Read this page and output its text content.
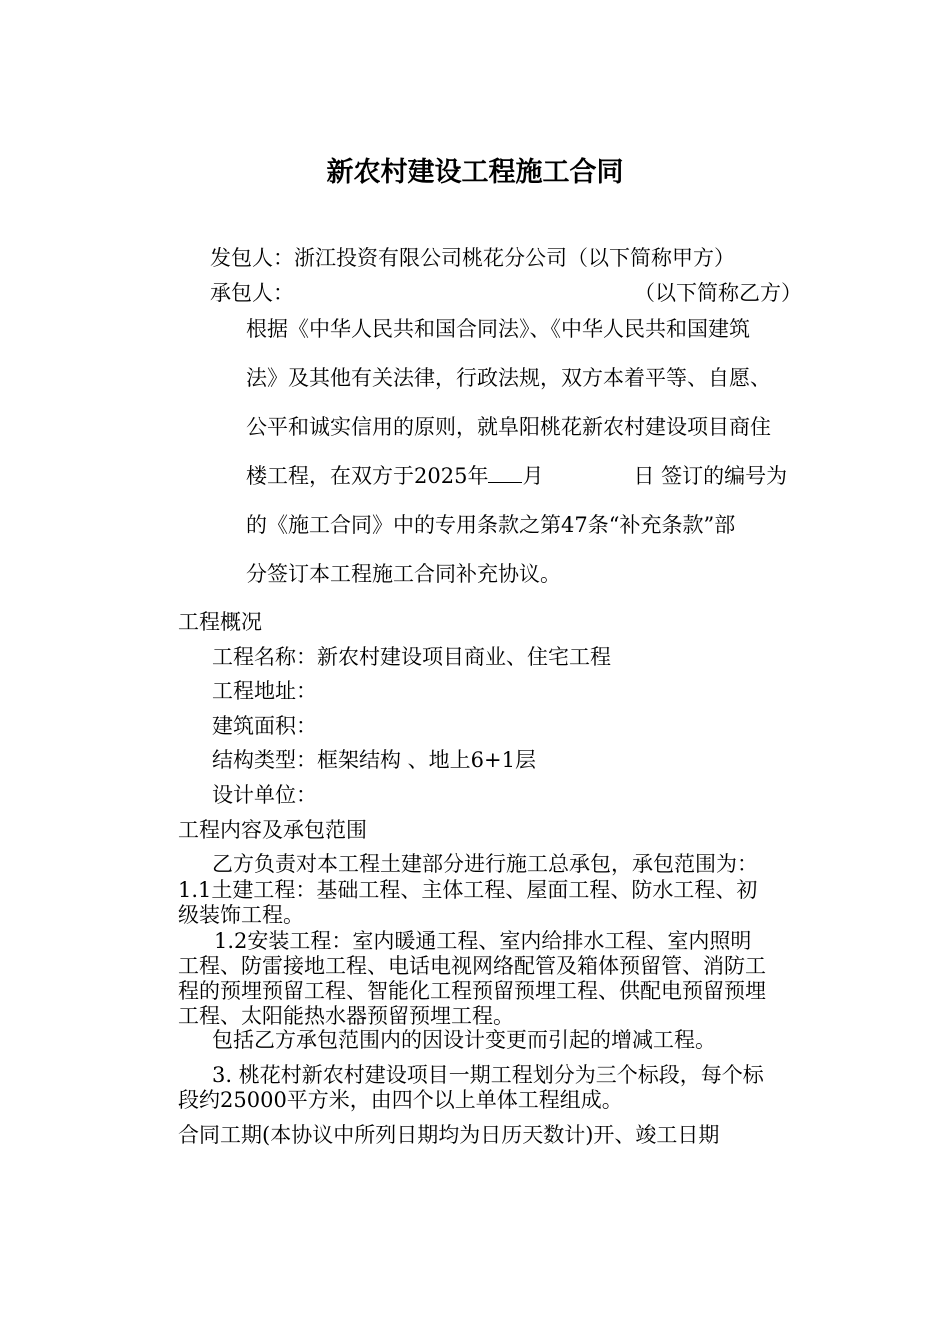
新农村建设工程施工合同
发包人：浙江投资有限公司桃花分公司（以下简称甲方）
承包人：	（以下简称乙方）
根据《中华人民共和国合同法》、《中华人民共和国建筑
法》及其他有关法律，行政法规，双方本着平等、自愿、
公平和诚实信用的原则，就阜阳桃花新农村建设项目商住
楼工程，在双方于2025年 月	日 签订的编号为
的《施工合同》中的专用条款之第47条“补充条款”部
分签订本工程施工合同补充协议。
工程概况
工程名称：新农村建设项目商业、住宅工程
工程地址：
建筑面积：
结构类型：框架结构 、地上6+1层
设计单位：
工程内容及承包范围
乙方负责对本工程土建部分进行施工总承包，承包范围为：
1.1土建工程：基础工程、主体工程、屋面工程、防水工程、初
级装饰工程。
1.2安装工程：室内暖通工程、室内给排水工程、室内照明
工程、防雷接地工程、电话电视网络配管及箱体预留管、消防工
程的预埋预留工程、智能化工程预留预埋工程、供配电预留预埋
工程、太阳能热水器预留预埋工程。
包括乙方承包范围内的因设计变更而引起的增减工程。
3. 桃花村新农村建设项目一期工程划分为三个标段，每个标
段约25000平方米，由四个以上单体工程组成。
合同工期(本协议中所列日期均为日历天数计)开、竣工日期
